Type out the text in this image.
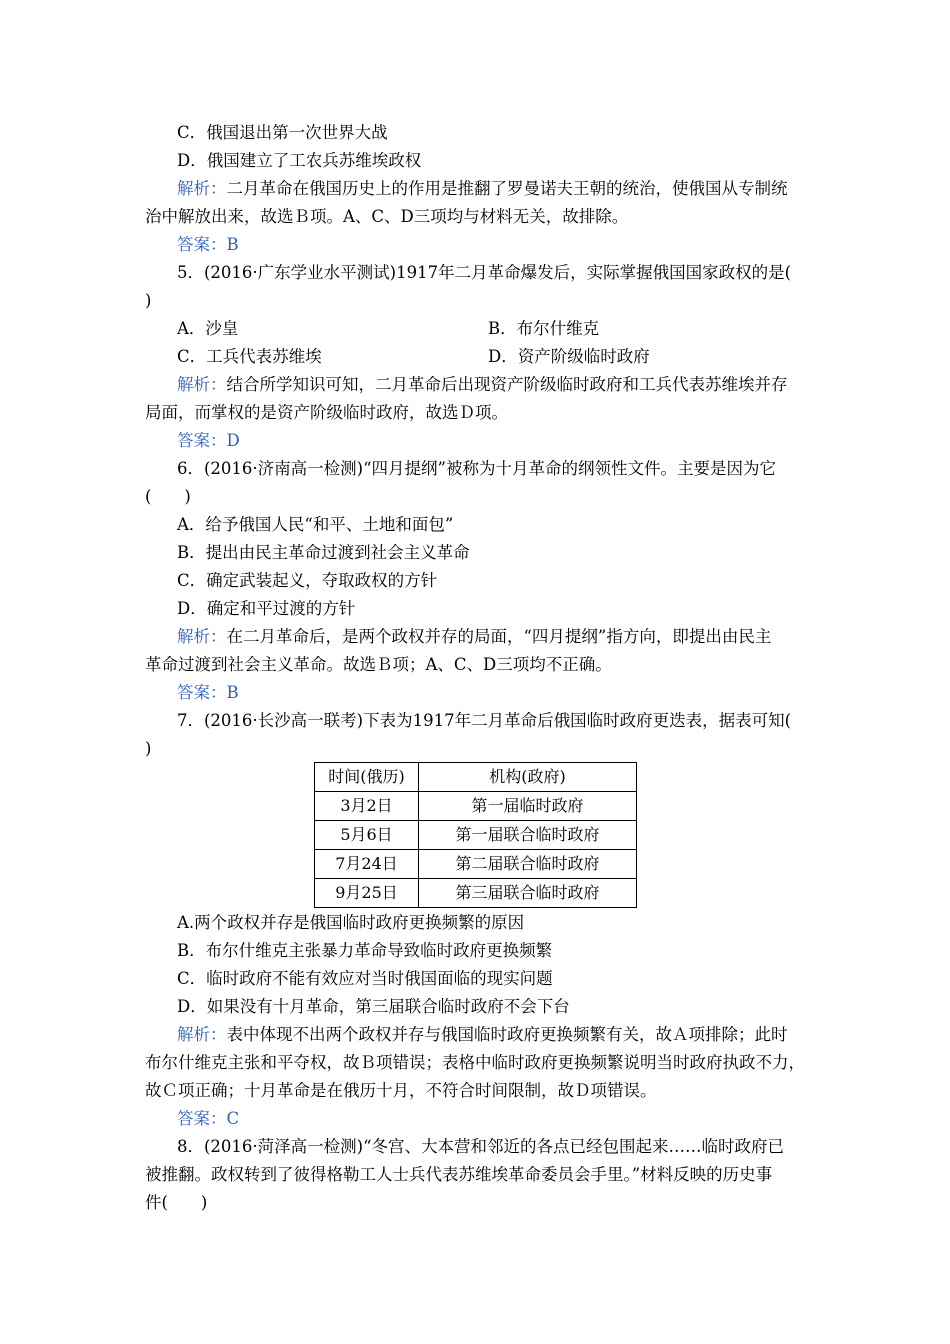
C．俄国退出第一次世界大战
D．俄国建立了工农兵苏维埃政权
解析：二月革命在俄国历史上的作用是推翻了罗曼诺夫王朝的统治，使俄国从专制统
治中解放出来，故选Ｂ项。A、C、D三项均与材料无关，故排除。
答案：B
5．(2016·广东学业水平测试)1917年二月革命爆发后，实际掌握俄国国家政权的是(
)
A．沙皇	B．布尔什维克
C．工兵代表苏维埃	D．资产阶级临时政府
解析：结合所学知识可知，二月革命后出现资产阶级临时政府和工兵代表苏维埃并存
局面，而掌权的是资产阶级临时政府，故选Ｄ项。
答案：D
6．(2016·济南高一检测)“四月提纲”被称为十月革命的纲领性文件。主要是因为它
(　　)
A．给予俄国人民“和平、土地和面包”
B．提出由民主革命过渡到社会主义革命
C．确定武装起义，夺取政权的方针
D．确定和平过渡的方针
解析：在二月革命后，是两个政权并存的局面，“四月提纲”指方向，即提出由民主
革命过渡到社会主义革命。故选Ｂ项；A、C、D三项均不正确。
答案：B
7．(2016·长沙高一联考)下表为1917年二月革命后俄国临时政府更迭表，据表可知(
)
时间(俄历)	机构(政府)
3月2日	第一届临时政府
5月6日	第一届联合临时政府
7月24日	第二届联合临时政府
9月25日	第三届联合临时政府
A.两个政权并存是俄国临时政府更换频繁的原因
B．布尔什维克主张暴力革命导致临时政府更换频繁
C．临时政府不能有效应对当时俄国面临的现实问题
D．如果没有十月革命，第三届联合临时政府不会下台
解析：表中体现不出两个政权并存与俄国临时政府更换频繁有关，故Ａ项排除；此时
布尔什维克主张和平夺权，故Ｂ项错误；表格中临时政府更换频繁说明当时政府执政不力，
故Ｃ项正确；十月革命是在俄历十月，不符合时间限制，故Ｄ项错误。
答案：C
8．(2016·菏泽高一检测)“冬宫、大本营和邻近的各点已经包围起来……临时政府已
被推翻。政权转到了彼得格勒工人士兵代表苏维埃革命委员会手里。”材料反映的历史事
件(　　)
